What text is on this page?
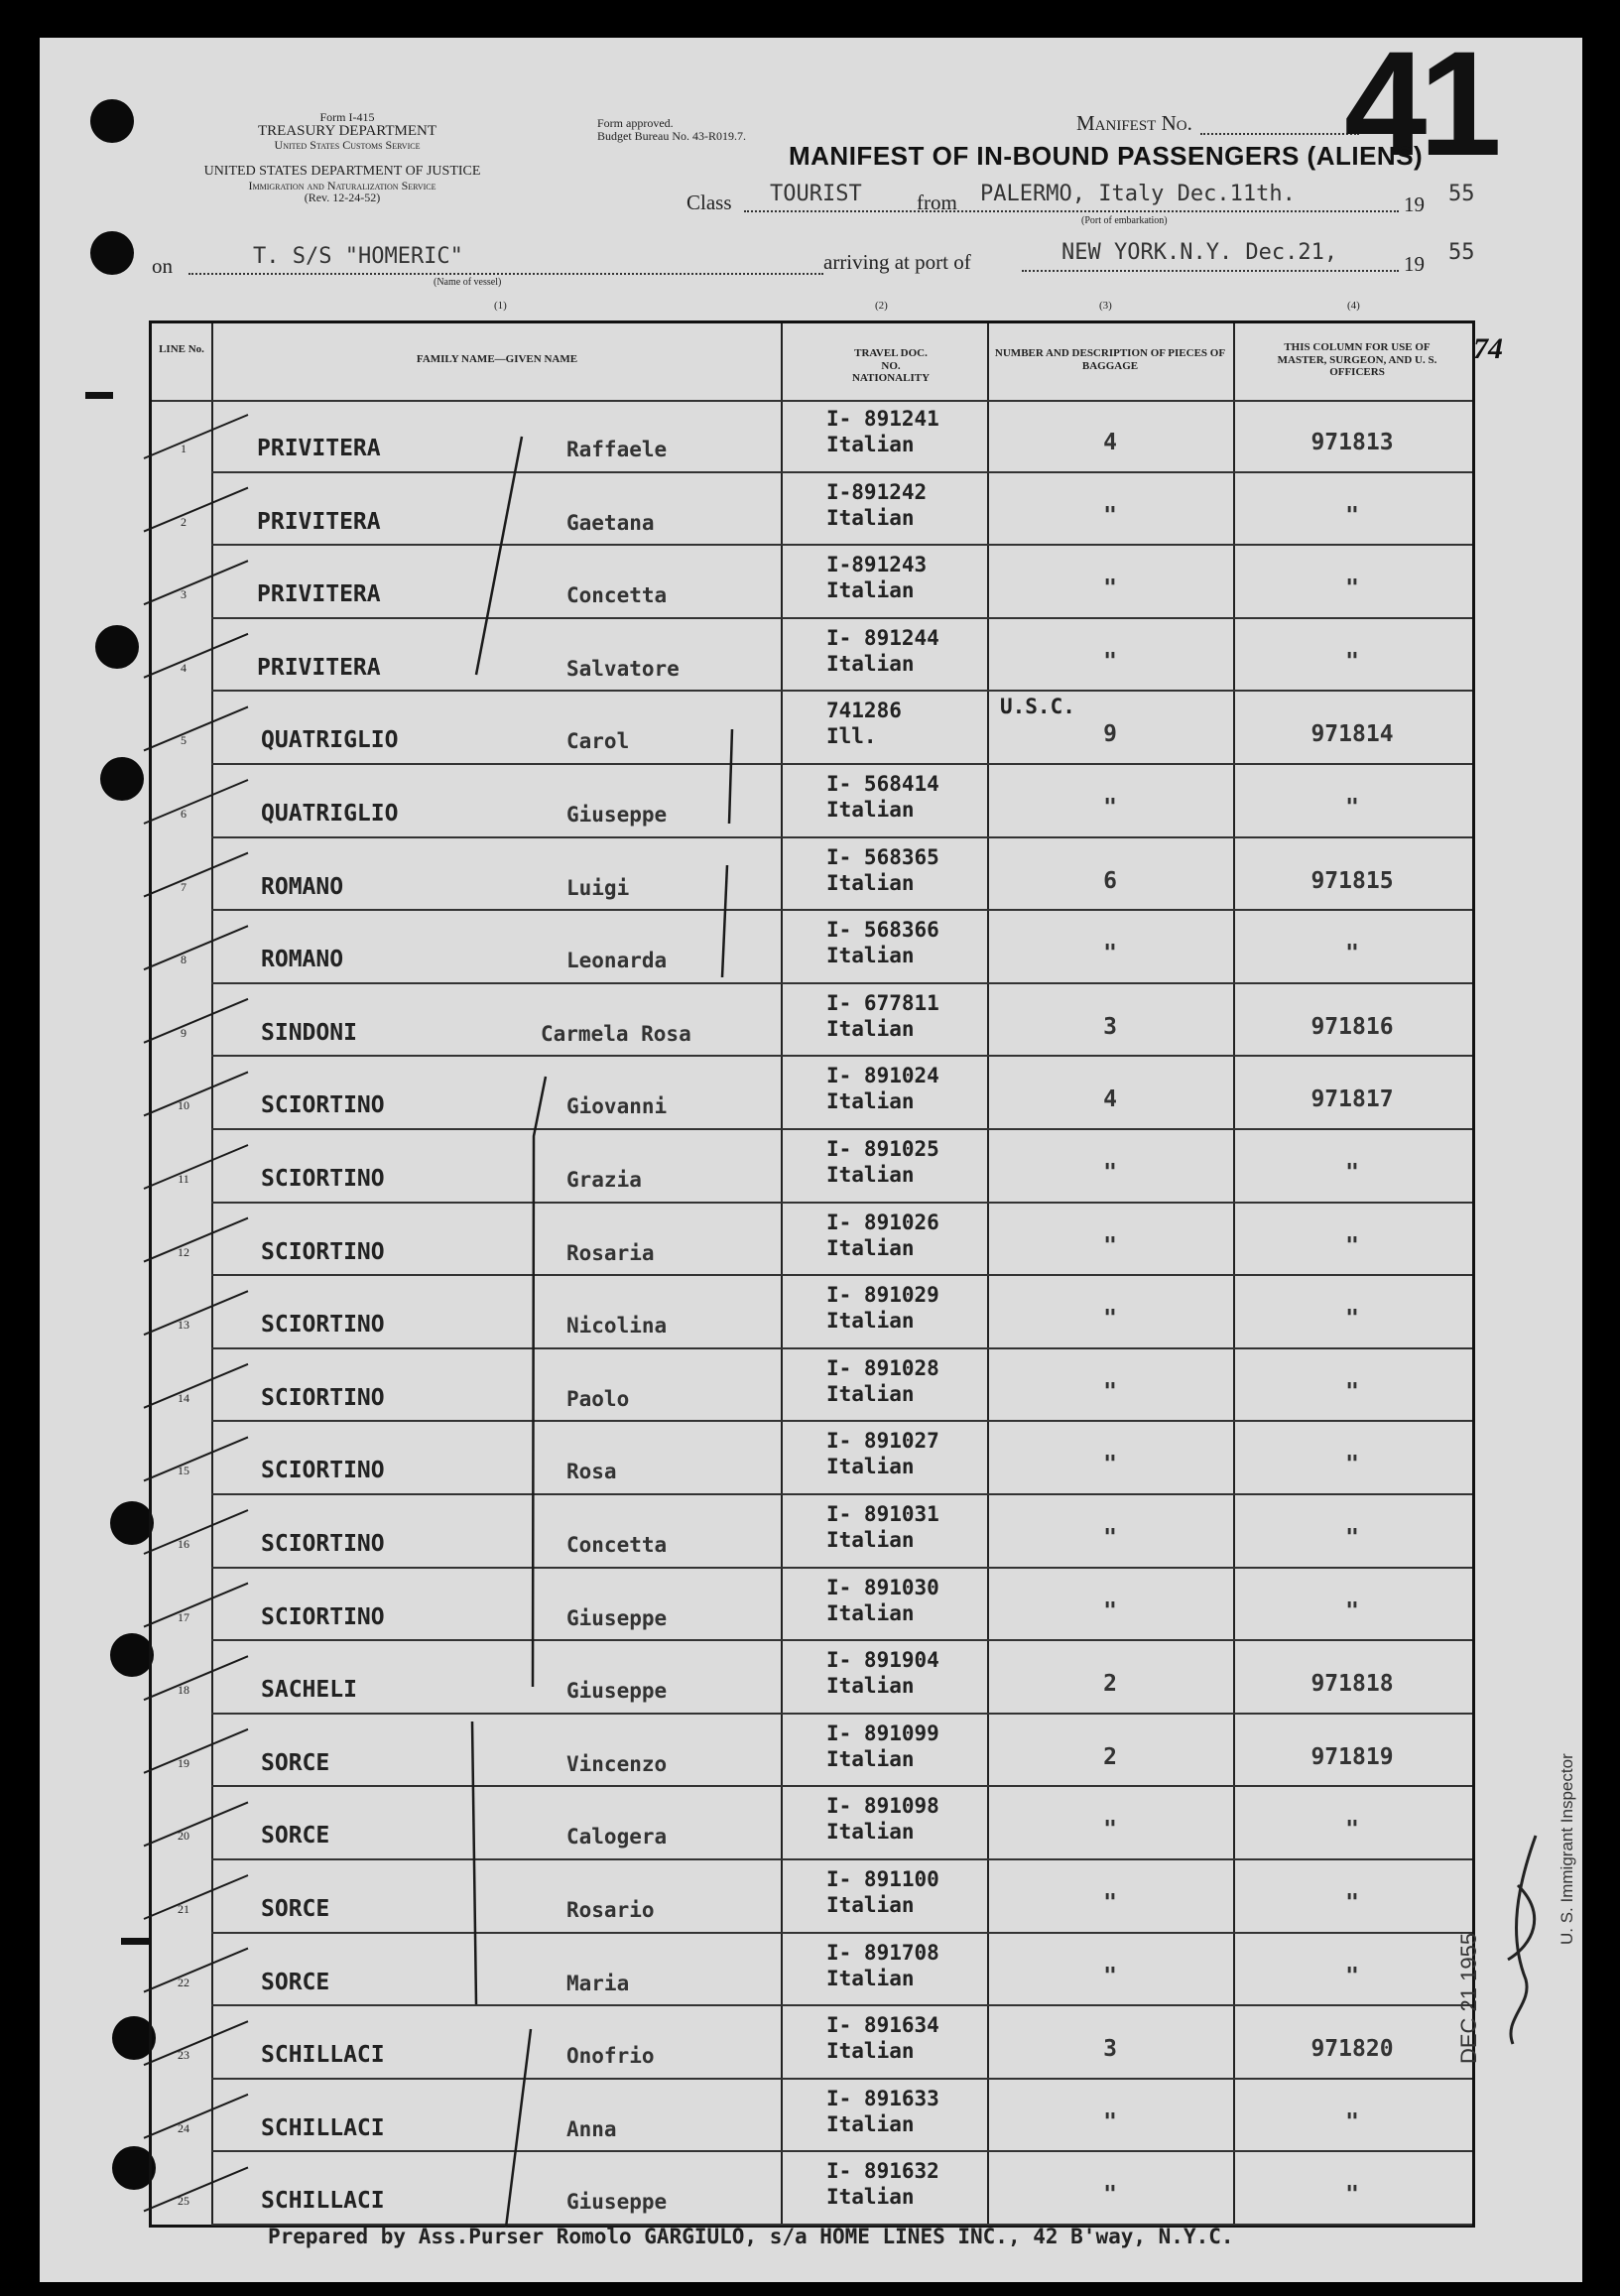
Form I-415
TREASURY DEPARTMENT
United States Customs Service
UNITED STATES DEPARTMENT OF JUSTICE
Immigration and Naturalization Service
(Rev. 12-24-52)
Form approved.
Budget Bureau No. 43-R019.7.
Manifest No. 41
MANIFEST OF IN-BOUND PASSENGERS (ALIENS)
Class TOURIST	from PALERMO, Italy Dec.11th.	19 55
(Port of embarkation)
on	T. S/S "HOMERIC"
(Name of vessel)
arriving at port of	NEW YORK.N.Y. Dec.21,	19 55
(1)	(2)	(3)	(4)
74
LINE No.
FAMILY NAME—GIVEN NAME	TRAVEL DOC. NO. NATIONALITY
NUMBER AND DESCRIPTION OF PIECES OF BAGGAGE
THIS COLUMN FOR USE OF MASTER, SURGEON, AND U. S. OFFICERS
1	PRIVITERA	Raffaele
I- 891241
Italian	4	971813
2	PRIVITERA	Gaetana
I-891242
Italian	"	"
3	PRIVITERA	Concetta
I-891243
Italian	"	"
4	PRIVITERA	Salvatore
I- 891244
Italian	"	"
5	QUATRIGLIO	Carol
741286
Ill.	9	971814
U.S.C.
6	QUATRIGLIO	Giuseppe
I- 568414
Italian	"	"
7	ROMANO	Luigi
I- 568365
Italian	6	971815
8	ROMANO	Leonarda
I- 568366
Italian	"	"
9	SINDONI	Carmela Rosa
I- 677811
Italian	3	971816
10	SCIORTINO	Giovanni
I- 891024
Italian	4	971817
11	SCIORTINO	Grazia
I- 891025
Italian	"	"
12	SCIORTINO	Rosaria
I- 891026
Italian	"	"
13	SCIORTINO	Nicolina
I- 891029
Italian	"	"
14	SCIORTINO	Paolo
I- 891028
Italian	"	"
15	SCIORTINO	Rosa
I- 891027
Italian	"	"
16	SCIORTINO	Concetta
I- 891031
Italian	"	"
17	SCIORTINO	Giuseppe
I- 891030
Italian	"	"
18	SACHELI	Giuseppe
I- 891904
Italian	2	971818
19	SORCE	Vincenzo
I- 891099
Italian	2	971819
20	SORCE	Calogera
I- 891098
Italian	"	"
21	SORCE	Rosario
I- 891100
Italian	"	"
22	SORCE	Maria
I- 891708
Italian	"	"
23	SCHILLACI	Onofrio
I- 891634
Italian	3	971820
24	SCHILLACI	Anna
I- 891633
Italian	"	"
25	SCHILLACI	Giuseppe
I- 891632
Italian	"	"
U. S. Immigrant Inspector
DEC 21 1955
Prepared by Ass.Purser Romolo GARGIULO, s/a HOME LINES INC., 42 B'way, N.Y.C.
